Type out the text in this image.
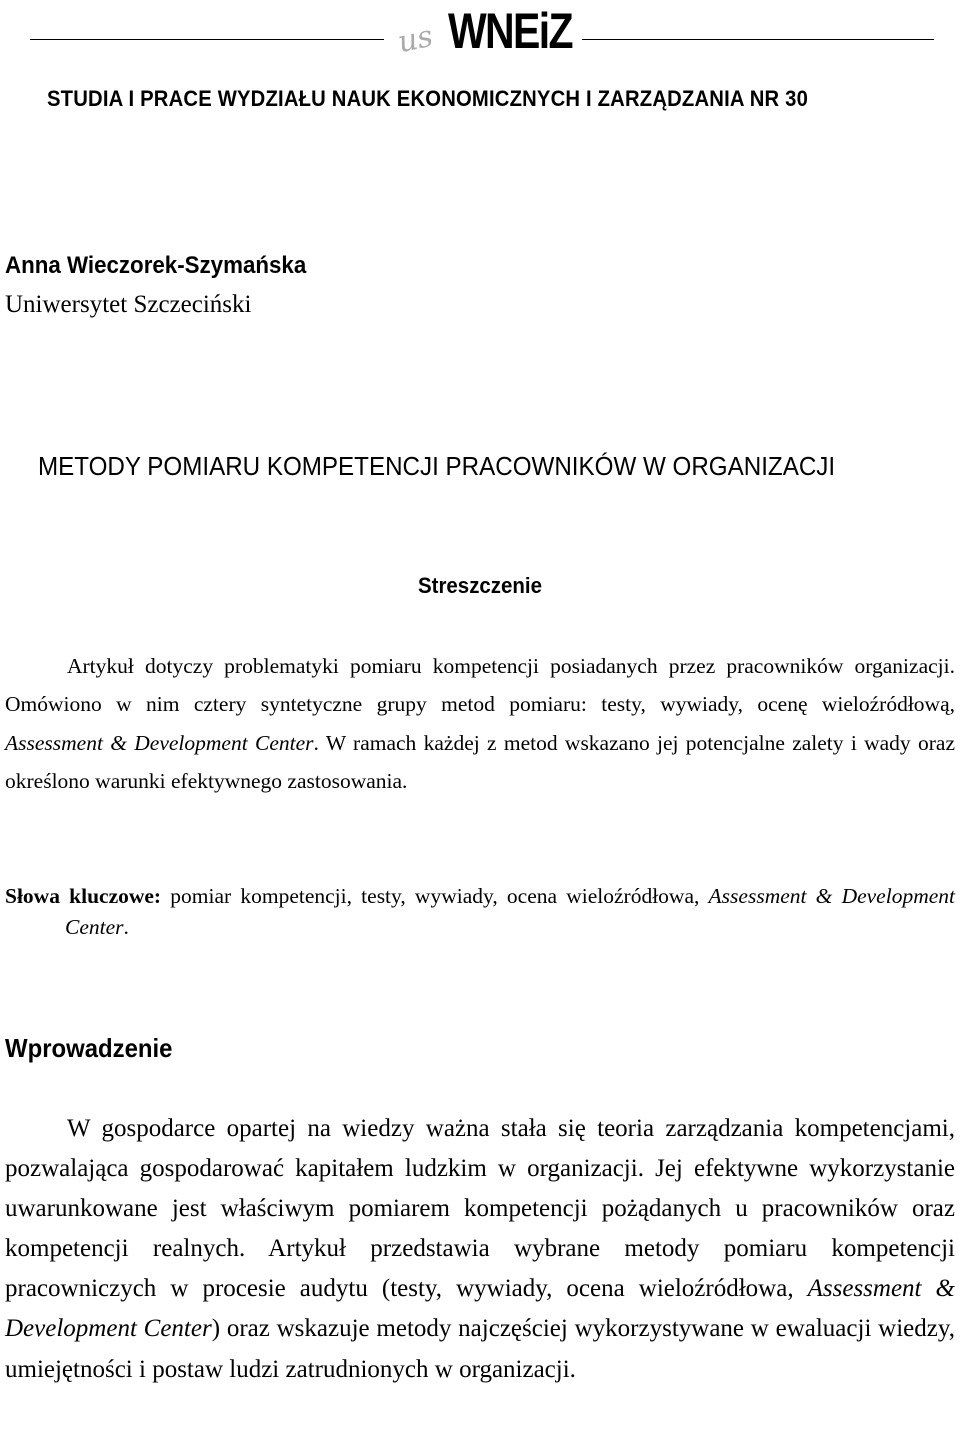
us WNEiZ
STUDIA I PRACE WYDZIAŁU NAUK EKONOMICZNYCH I ZARZĄDZANIA NR 30
Anna Wieczorek-Szymańska
Uniwersytet Szczeciński
METODY POMIARU KOMPETENCJI PRACOWNIKÓW W ORGANIZACJI
Streszczenie
Artykuł dotyczy problematyki pomiaru kompetencji posiadanych przez pracowników organizacji. Omówiono w nim cztery syntetyczne grupy metod pomiaru: testy, wywiady, ocenę wieloźródłową, Assessment & Development Center. W ramach każdej z metod wskazano jej potencjalne zalety i wady oraz określono warunki efektywnego zastosowania.
Słowa kluczowe: pomiar kompetencji, testy, wywiady, ocena wieloźródłowa, Assessment & Development Center.
Wprowadzenie
W gospodarce opartej na wiedzy ważna stała się teoria zarządzania kompetencjami, pozwalająca gospodarować kapitałem ludzkim w organizacji. Jej efektywne wykorzystanie uwarunkowane jest właściwym pomiarem kompetencji pożądanych u pracowników oraz kompetencji realnych. Artykuł przedstawia wybrane metody pomiaru kompetencji pracowniczych w procesie audytu (testy, wywiady, ocena wieloźródłowa, Assessment & Development Center) oraz wskazuje metody najczęściej wykorzystywane w ewaluacji wiedzy, umiejętności i postaw ludzi zatrudnionych w organizacji.
